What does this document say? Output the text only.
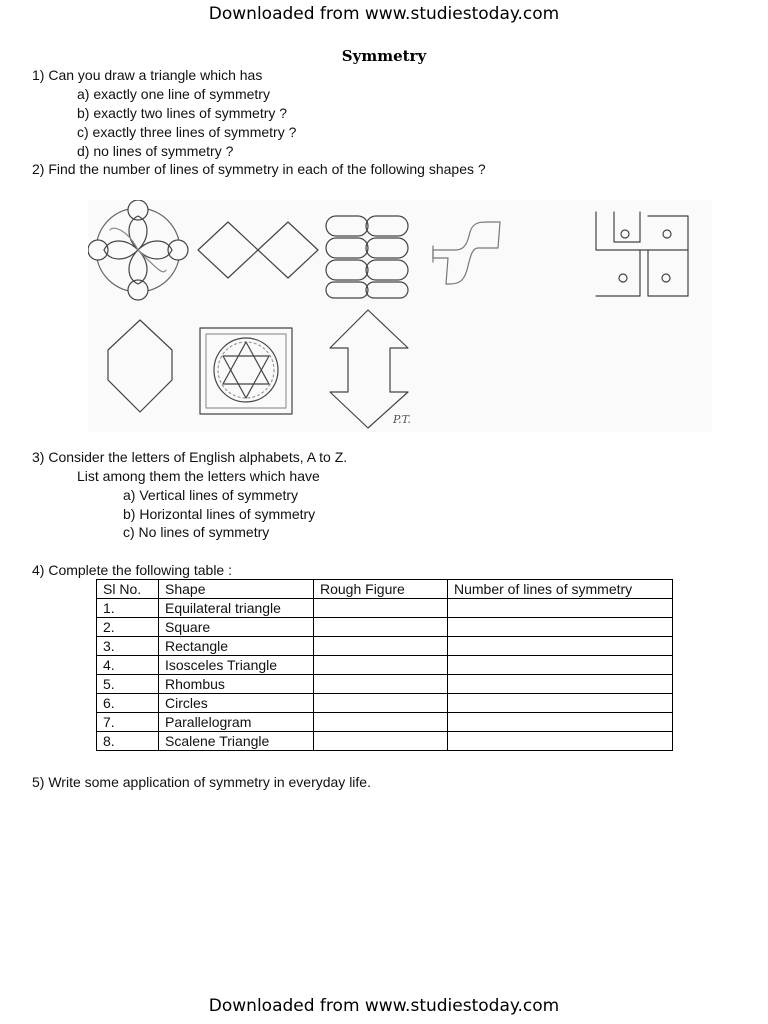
Downloaded from www.studiestoday.com
Symmetry
1) Can you draw a triangle which has
a) exactly one line of symmetry
b) exactly two lines of symmetry ?
c) exactly three lines of symmetry ?
d) no lines of symmetry ?
2) Find the number of lines of symmetry in each of the following shapes ?
P.T.
3) Consider the letters of English alphabets, A to Z.
List among them the letters which have
a) Vertical lines of symmetry
b) Horizontal lines of symmetry
c) No lines of symmetry
4) Complete the following table :
Sl No.	Shape	Rough Figure	Number of lines of symmetry
1.	Equilateral triangle		
2.	Square		
3.	Rectangle		
4.	Isosceles Triangle		
5.	Rhombus		
6.	Circles		
7.	Parallelogram		
8.	Scalene Triangle		
5) Write some application of symmetry in everyday life.
Downloaded from www.studiestoday.com
